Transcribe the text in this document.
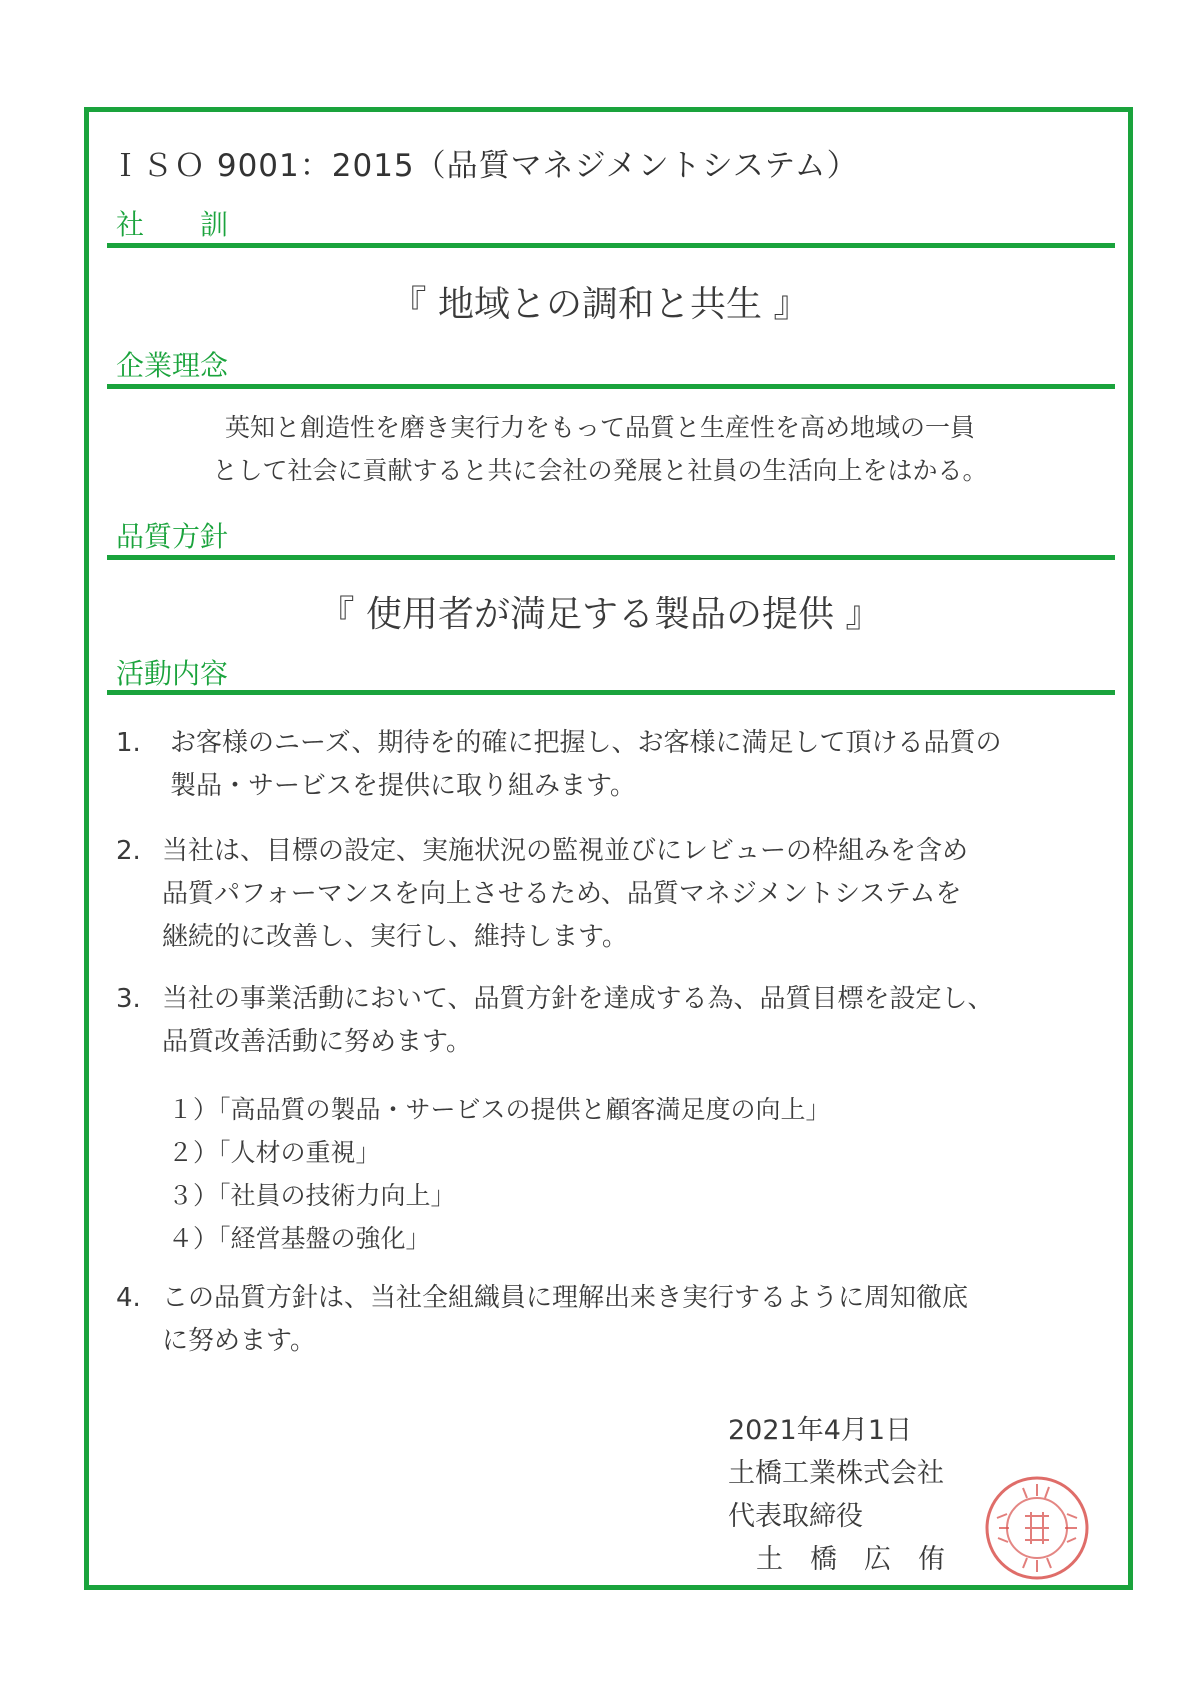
ＩＳＯ 9001：2015（品質マネジメントシステム）
社　　訓
『 地域との調和と共生 』
企業理念
英知と創造性を磨き実行力をもって品質と生産性を高め地域の一員
として社会に貢献すると共に会社の発展と社員の生活向上をはかる。
品質方針
『 使用者が満足する製品の提供 』
活動内容
1. お客様のニーズ、期待を的確に把握し、お客様に満足して頂ける品質の
製品・サービスを提供に取り組みます。
2. 当社は、目標の設定、実施状況の監視並びにレビューの枠組みを含め
品質パフォーマンスを向上させるため、品質マネジメントシステムを
継続的に改善し、実行し、維持します。
3. 当社の事業活動において、品質方針を達成する為、品質目標を設定し、
品質改善活動に努めます。
１）「高品質の製品・サービスの提供と顧客満足度の向上」
２）「人材の重視」
３）「社員の技術力向上」
４）「経営基盤の強化」
4. この品質方針は、当社全組織員に理解出来き実行するように周知徹底
に努めます。
2021年4月1日
土橋工業株式会社
代表取締役
土　橋　広　侑
